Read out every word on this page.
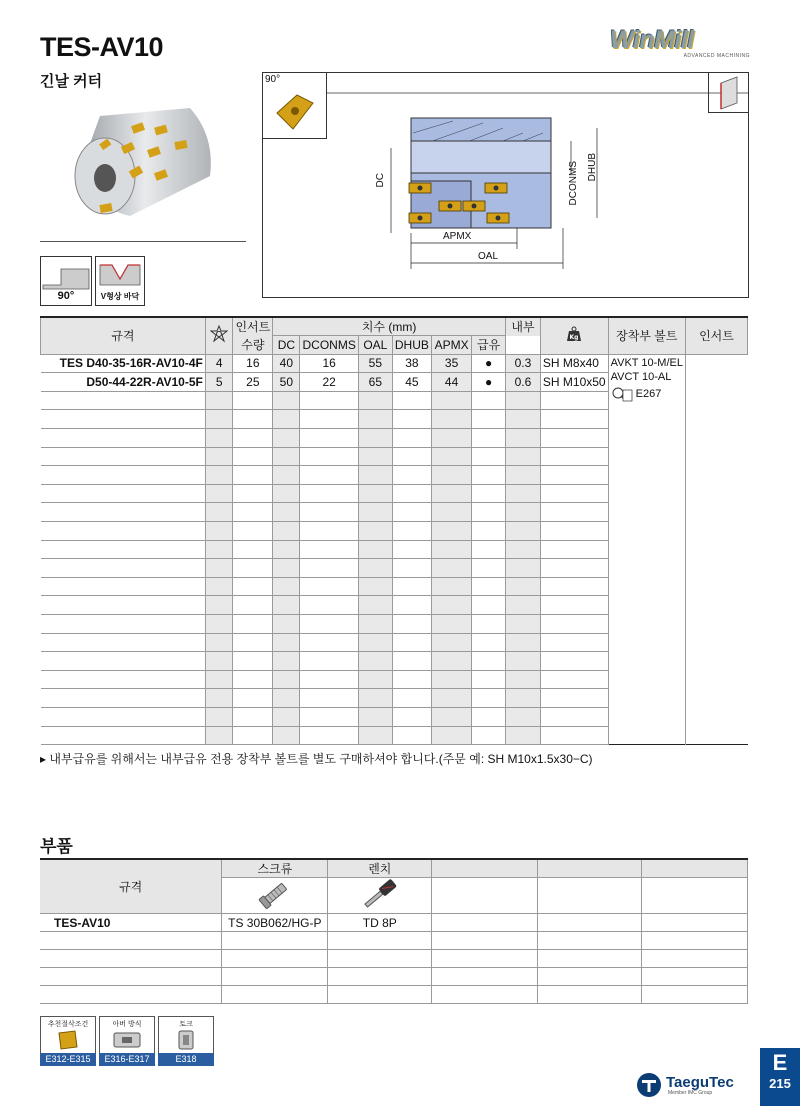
TES-AV10
긴날 커터
WinMill
ADVANCED MACHINING
90°	V형상 바닥
90°
DC	DCONMS DHUB
APMX
OAL
규격		인서트	치수 (mm)						내부	Kg	장착부 볼트	인서트
		수량	DC	DCONMS	OAL	DHUB	APMX	급유				
TES D40-35-16R-AV10-4F	4	16	40	16	55	38	35	●	0.3	SH M8x40	AVKT 10-M/EL
AVCT 10-AL
E267	

D50-44-22R-AV10-5F	5	25	50	22	65	45	44	●	0.6	SH M10x50		

▸ 내부급유를 위해서는 내부급유 전용 장착부 볼트를 별도 구매하셔야 합니다.(주문 예: SH M10x1.5x30−C)
부품
규격	스크류	렌치			

TES-AV10	TS 30B062/HG-P	TD 8P			

추천절삭조건
E312-E315
아버 방식
E316-E317
토크
E318
TaeguTec
Member IMC Group
E
215
